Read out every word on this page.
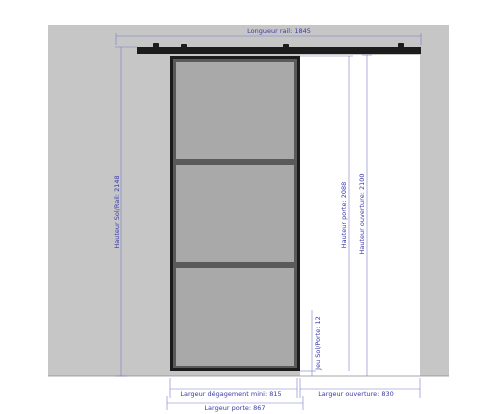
Longueur rail: 1845
Hauteur Sol/Rail: 2148	Hauteur porte: 2088 Hauteur ouverture: 2100
Jeu Sol/Porte: 12
Largeur dégagement mini: 815	Largeur ouverture: 830
Largeur porte: 867
